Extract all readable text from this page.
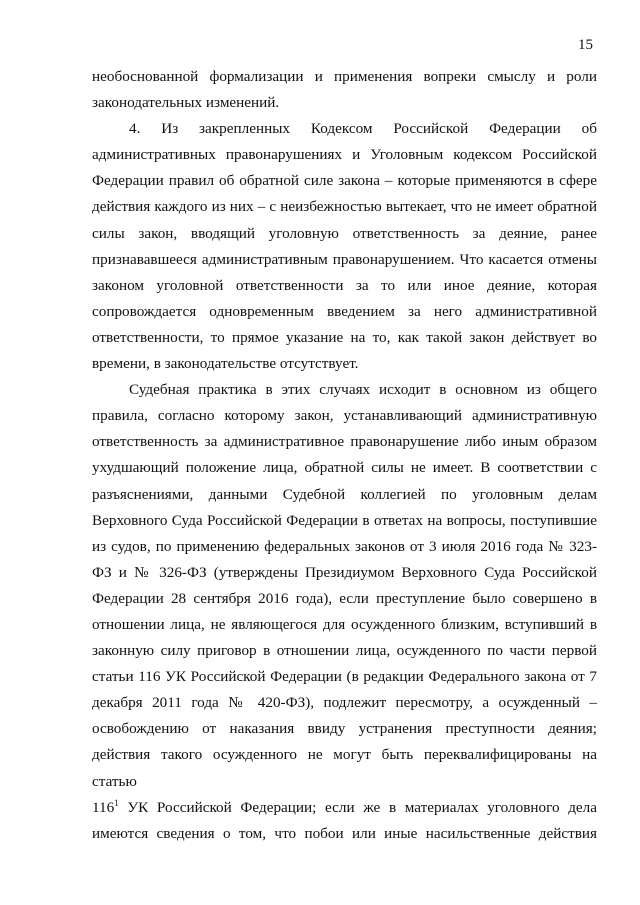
15

необоснованной формализации и применения вопреки смыслу и роли

законодательных изменений.

4. Из закрепленных Кодексом Российской Федерации об

административных правонарушениях и Уголовным кодексом Российской

Федерации правил об обратной силе закона – которые применяются в сфере

действия каждого из них – с неизбежностью вытекает, что не имеет обратной

силы закон, вводящий уголовную ответственность за деяние, ранее

признававшееся административным правонарушением. Что касается отмены

законом уголовной ответственности за то или иное деяние, которая

сопровождается одновременным введением за него административной

ответственности, то прямое указание на то, как такой закон действует во

времени, в законодательстве отсутствует.

Судебная практика в этих случаях исходит в основном из общего

правила, согласно которому закон, устанавливающий административную

ответственность за административное правонарушение либо иным образом

ухудшающий положение лица, обратной силы не имеет. В соответствии с

разъяснениями, данными Судебной коллегией по уголовным делам

Верховного Суда Российской Федерации в ответах на вопросы, поступившие

из судов, по применению федеральных законов от 3 июля 2016 года № 323-

ФЗ и № 326-ФЗ (утверждены Президиумом Верховного Суда Российской

Федерации 28 сентября 2016 года), если преступление было совершено в

отношении лица, не являющегося для осужденного близким, вступивший в

законную силу приговор в отношении лица, осужденного по части первой

статьи 116 УК Российской Федерации (в редакции Федерального закона от 7

декабря 2011 года № 420-ФЗ), подлежит пересмотру, а осужденный –

освобождению от наказания ввиду устранения преступности деяния;

действия такого осужденного не могут быть переквалифицированы на статью

$116^1$ УК Российской Федерации; если же в материалах уголовного дела

имеются сведения о том, что побои или иные насильственные действия
